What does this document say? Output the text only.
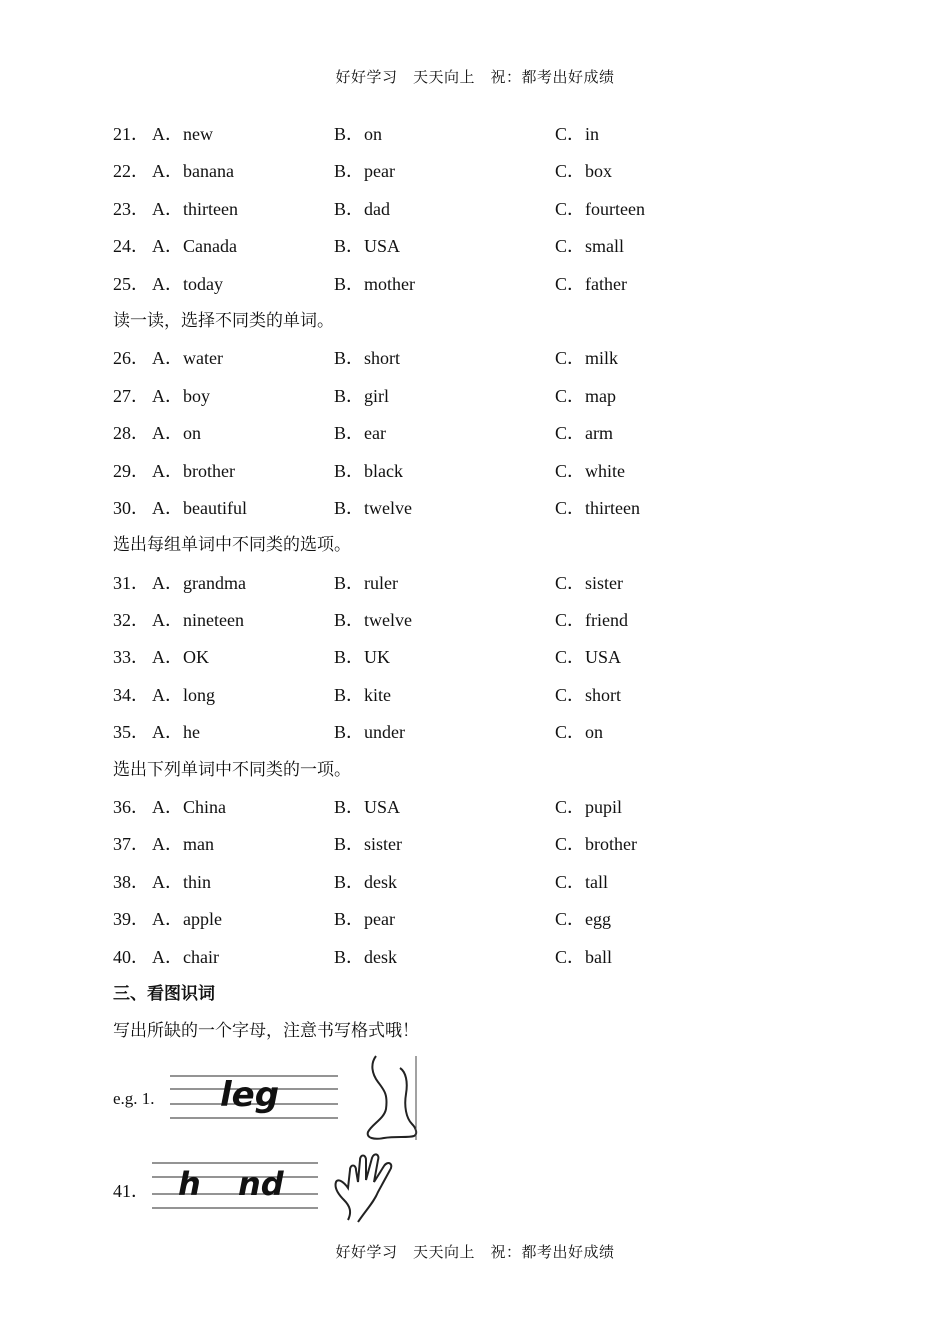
好好学习　天天向上　祝：都考出好成绩
21． A．new	B．on	C．in
22． A．banana	B．pear	C．box
23． A．thirteen	B．dad	C．fourteen
24． A．Canada	B．USA	C．small
25． A．today	B．mother	C．father
读一读，选择不同类的单词。
26． A．water	B．short	C．milk
27． A．boy	B．girl	C．map
28． A．on	B．ear	C．arm
29． A．brother	B．black	C．white
30． A．beautiful	B．twelve	C．thirteen
选出每组单词中不同类的选项。
31． A．grandma	B．ruler	C．sister
32． A．nineteen	B．twelve	C．friend
33． A．OK	B．UK	C．USA
34． A．long	B．kite	C．short
35． A．he	B．under	C．on
选出下列单词中不同类的一项。
36． A．China	B．USA	C．pupil
37． A．man	B．sister	C．brother
38． A．thin	B．desk	C．tall
39． A．apple	B．pear	C．egg
40． A．chair	B．desk	C．ball
三、看图识词
写出所缺的一个字母，注意书写格式哦！
e.g. 1. leg
41． h nd
好好学习　天天向上　祝：都考出好成绩
